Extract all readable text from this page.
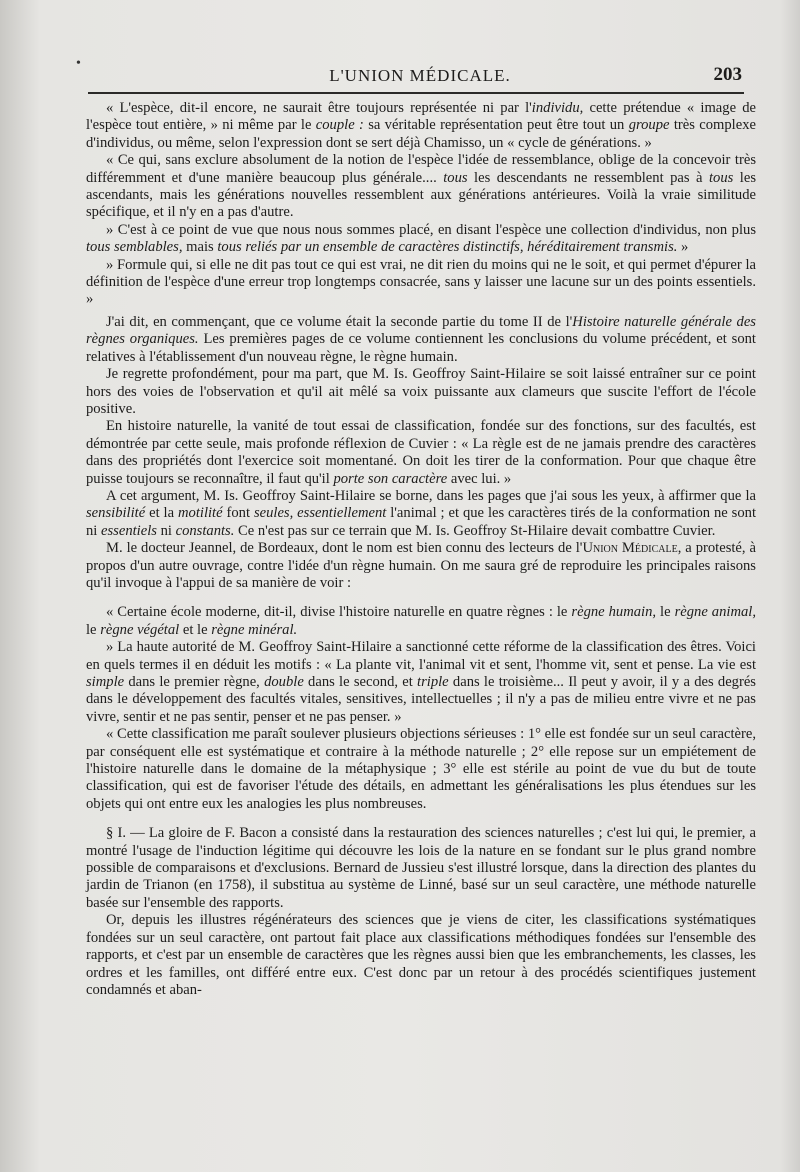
•
L'UNION MÉDICALE.	203

« L'espèce, dit-il encore, ne saurait être toujours représentée ni par l'individu, cette prétendue « image de l'espèce tout entière, » ni même par le couple : sa véritable représentation peut être tout un groupe très complexe d'individus, ou même, selon l'expression dont se sert déjà Chamisso, un « cycle de générations. »

« Ce qui, sans exclure absolument de la notion de l'espèce l'idée de ressemblance, oblige de la concevoir très différemment et d'une manière beaucoup plus générale.... tous les descendants ne ressemblent pas à tous les ascendants, mais les générations nouvelles ressemblent aux générations antérieures. Voilà la vraie similitude spécifique, et il n'y en a pas d'autre.

» C'est à ce point de vue que nous nous sommes placé, en disant l'espèce une collection d'individus, non plus tous semblables, mais tous reliés par un ensemble de caractères distinctifs, héréditairement transmis. »

» Formule qui, si elle ne dit pas tout ce qui est vrai, ne dit rien du moins qui ne le soit, et qui permet d'épurer la définition de l'espèce d'une erreur trop longtemps consacrée, sans y laisser une lacune sur un des points essentiels. »

J'ai dit, en commençant, que ce volume était la seconde partie du tome II de l'Histoire naturelle générale des règnes organiques. Les premières pages de ce volume contiennent les conclusions du volume précédent, et sont relatives à l'établissement d'un nouveau règne, le règne humain.

Je regrette profondément, pour ma part, que M. Is. Geoffroy Saint-Hilaire se soit laissé entraîner sur ce point hors des voies de l'observation et qu'il ait mêlé sa voix puissante aux clameurs que suscite l'effort de l'école positive.

En histoire naturelle, la vanité de tout essai de classification, fondée sur des fonctions, sur des facultés, est démontrée par cette seule, mais profonde réflexion de Cuvier : « La règle est de ne jamais prendre des caractères dans des propriétés dont l'exercice soit momentané. On doit les tirer de la conformation. Pour que chaque être puisse toujours se reconnaître, il faut qu'il porte son caractère avec lui. »

A cet argument, M. Is. Geoffroy Saint-Hilaire se borne, dans les pages que j'ai sous les yeux, à affirmer que la sensibilité et la motilité font seules, essentiellement l'animal ; et que les caractères tirés de la conformation ne sont ni essentiels ni constants. Ce n'est pas sur ce terrain que M. Is. Geoffroy St-Hilaire devait combattre Cuvier.

M. le docteur Jeannel, de Bordeaux, dont le nom est bien connu des lecteurs de l'Union Médicale, a protesté, à propos d'un autre ouvrage, contre l'idée d'un règne humain. On me saura gré de reproduire les principales raisons qu'il invoque à l'appui de sa manière de voir :

« Certaine école moderne, dit-il, divise l'histoire naturelle en quatre règnes : le règne humain, le règne animal, le règne végétal et le règne minéral.

» La haute autorité de M. Geoffroy Saint-Hilaire a sanctionné cette réforme de la classification des êtres. Voici en quels termes il en déduit les motifs : « La plante vit, l'animal vit et sent, l'homme vit, sent et pense. La vie est simple dans le premier règne, double dans le second, et triple dans le troisième... Il peut y avoir, il y a des degrés dans le développement des facultés vitales, sensitives, intellectuelles ; il n'y a pas de milieu entre vivre et ne pas vivre, sentir et ne pas sentir, penser et ne pas penser. »

« Cette classification me paraît soulever plusieurs objections sérieuses : 1° elle est fondée sur un seul caractère, par conséquent elle est systématique et contraire à la méthode naturelle ; 2° elle repose sur un empiétement de l'histoire naturelle dans le domaine de la métaphysique ; 3° elle est stérile au point de vue du but de toute classification, qui est de favoriser l'étude des détails, en admettant les généralisations les plus étendues sur les objets qui ont entre eux les analogies les plus nombreuses.

§ I. — La gloire de F. Bacon a consisté dans la restauration des sciences naturelles ; c'est lui qui, le premier, a montré l'usage de l'induction légitime qui découvre les lois de la nature en se fondant sur le plus grand nombre possible de comparaisons et d'exclusions. Bernard de Jussieu s'est illustré lorsque, dans la direction des plantes du jardin de Trianon (en 1758), il substitua au système de Linné, basé sur un seul caractère, une méthode naturelle basée sur l'ensemble des rapports.

Or, depuis les illustres régénérateurs des sciences que je viens de citer, les classifications systématiques fondées sur un seul caractère, ont partout fait place aux classifications méthodiques fondées sur l'ensemble des rapports, et c'est par un ensemble de caractères que les règnes aussi bien que les embranchements, les classes, les ordres et les familles, ont différé entre eux. C'est donc par un retour à des procédés scientifiques justement condamnés et aban-
